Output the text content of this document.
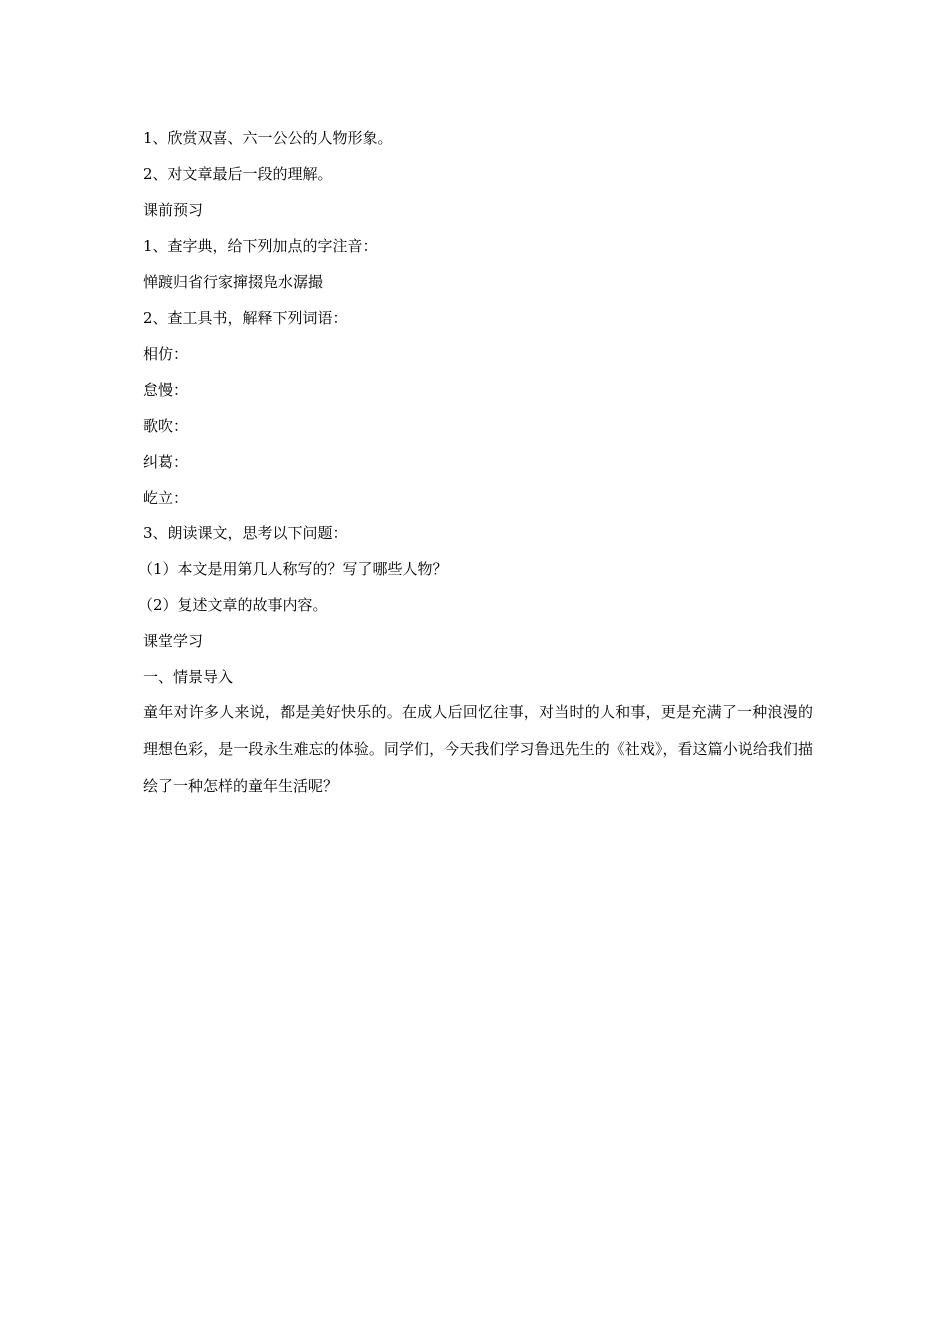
1、欣赏双喜、六一公公的人物形象。
2、对文章最后一段的理解。
课前预习
1、查字典，给下列加点的字注音：
惮踱归省行家撺掇凫水潺撮
2、查工具书，解释下列词语：
相仿：
怠慢：
歌吹：
纠葛：
屹立：
3、朗读课文，思考以下问题：
（1）本文是用第几人称写的？写了哪些人物？
（2）复述文章的故事内容。
课堂学习
一、情景导入
童年对许多人来说，都是美好快乐的。在成人后回忆往事，对当时的人和事，更是充满了一种浪漫的理想色彩，是一段永生难忘的体验。同学们，今天我们学习鲁迅先生的《社戏》，看这篇小说给我们描绘了一种怎样的童年生活呢？
